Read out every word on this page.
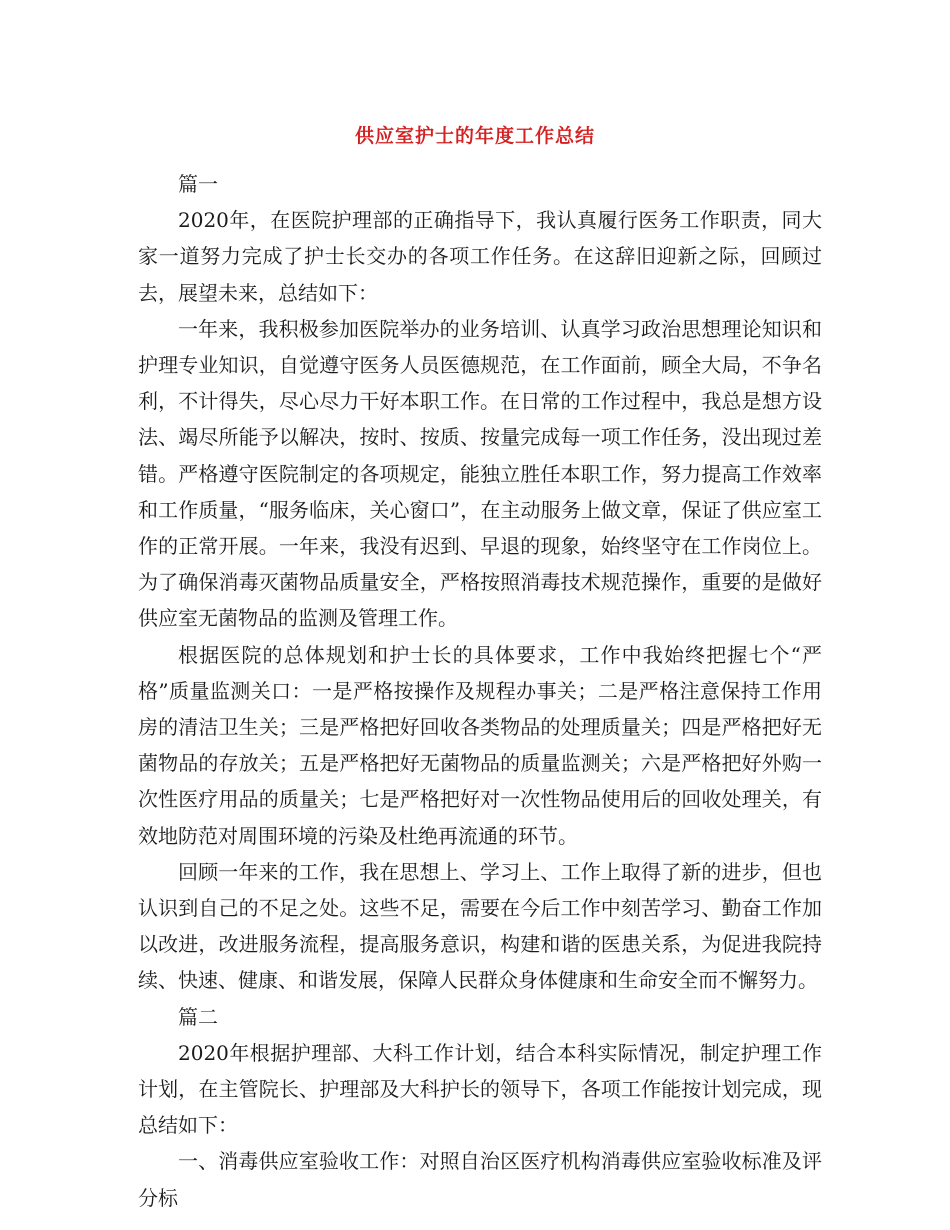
供应室护士的年度工作总结

篇一

2020年，在医院护理部的正确指导下，我认真履行医务工作职责，同大家一道努力完成了护士长交办的各项工作任务。在这辞旧迎新之际，回顾过去，展望未来，总结如下：

一年来，我积极参加医院举办的业务培训、认真学习政治思想理论知识和护理专业知识，自觉遵守医务人员医德规范，在工作面前，顾全大局，不争名利，不计得失，尽心尽力干好本职工作。在日常的工作过程中，我总是想方设法、竭尽所能予以解决，按时、按质、按量完成每一项工作任务，没出现过差错。严格遵守医院制定的各项规定，能独立胜任本职工作，努力提高工作效率和工作质量，“服务临床，关心窗口”，在主动服务上做文章，保证了供应室工作的正常开展。一年来，我没有迟到、早退的现象，始终坚守在工作岗位上。为了确保消毒灭菌物品质量安全，严格按照消毒技术规范操作，重要的是做好供应室无菌物品的监测及管理工作。

根据医院的总体规划和护士长的具体要求，工作中我始终把握七个“严格”质量监测关口：一是严格按操作及规程办事关；二是严格注意保持工作用房的清洁卫生关；三是严格把好回收各类物品的处理质量关；四是严格把好无菌物品的存放关；五是严格把好无菌物品的质量监测关；六是严格把好外购一次性医疗用品的质量关；七是严格把好对一次性物品使用后的回收处理关，有效地防范对周围环境的污染及杜绝再流通的环节。

回顾一年来的工作，我在思想上、学习上、工作上取得了新的进步，但也认识到自己的不足之处。这些不足，需要在今后工作中刻苦学习、勤奋工作加以改进，改进服务流程，提高服务意识，构建和谐的医患关系，为促进我院持续、快速、健康、和谐发展，保障人民群众身体健康和生命安全而不懈努力。

篇二

2020年根据护理部、大科工作计划，结合本科实际情况，制定护理工作计划，在主管院长、护理部及大科护长的领导下，各项工作能按计划完成，现总结如下：

一、消毒供应室验收工作：对照自治区医疗机构消毒供应室验收标准及评分标
